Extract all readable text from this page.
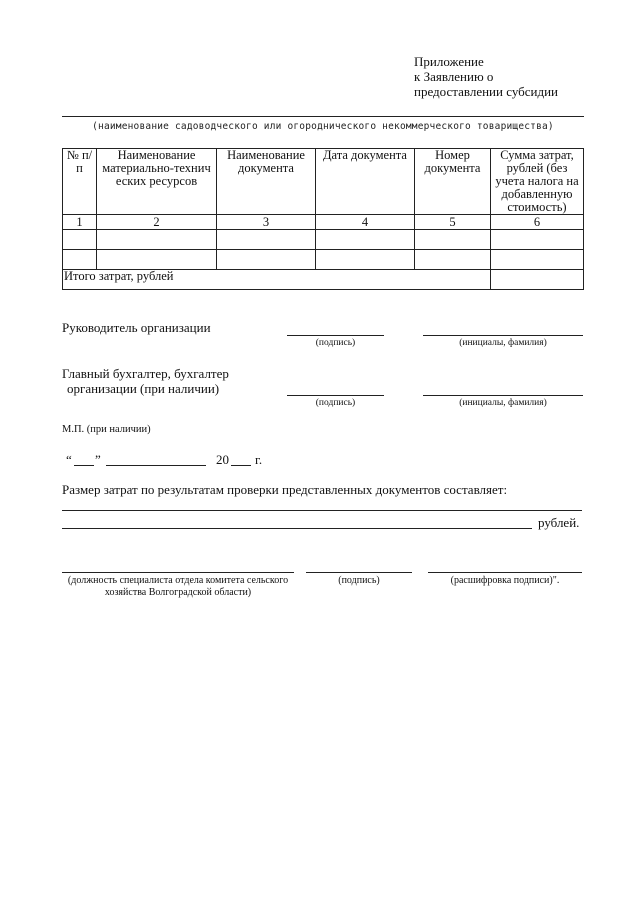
Приложение
к Заявлению о
предоставлении субсидии
(наименование садоводческого или огороднического некоммерческого товарищества)
№ п/п	Наименование материально-технич еских ресурсов	Наименование документа	Дата документа	Номер документа	Сумма затрат, рублей (без учета налога на добавленную стоимость)
1	2	3	4	5	6

Итого затрат, рублей					
Руководитель организации
(подпись)	(инициалы, фамилия)
Главный бухгалтер, бухгалтер
организации (при наличии)
(подпись)	(инициалы, фамилия)
М.П. (при наличии)
“ ”	20 г.
Размер затрат по результатам проверки представленных документов составляет:
рублей.
(должность специалиста отдела комитета сельского хозяйства Волгоградской области)
(подпись)	(расшифровка подписи)".
